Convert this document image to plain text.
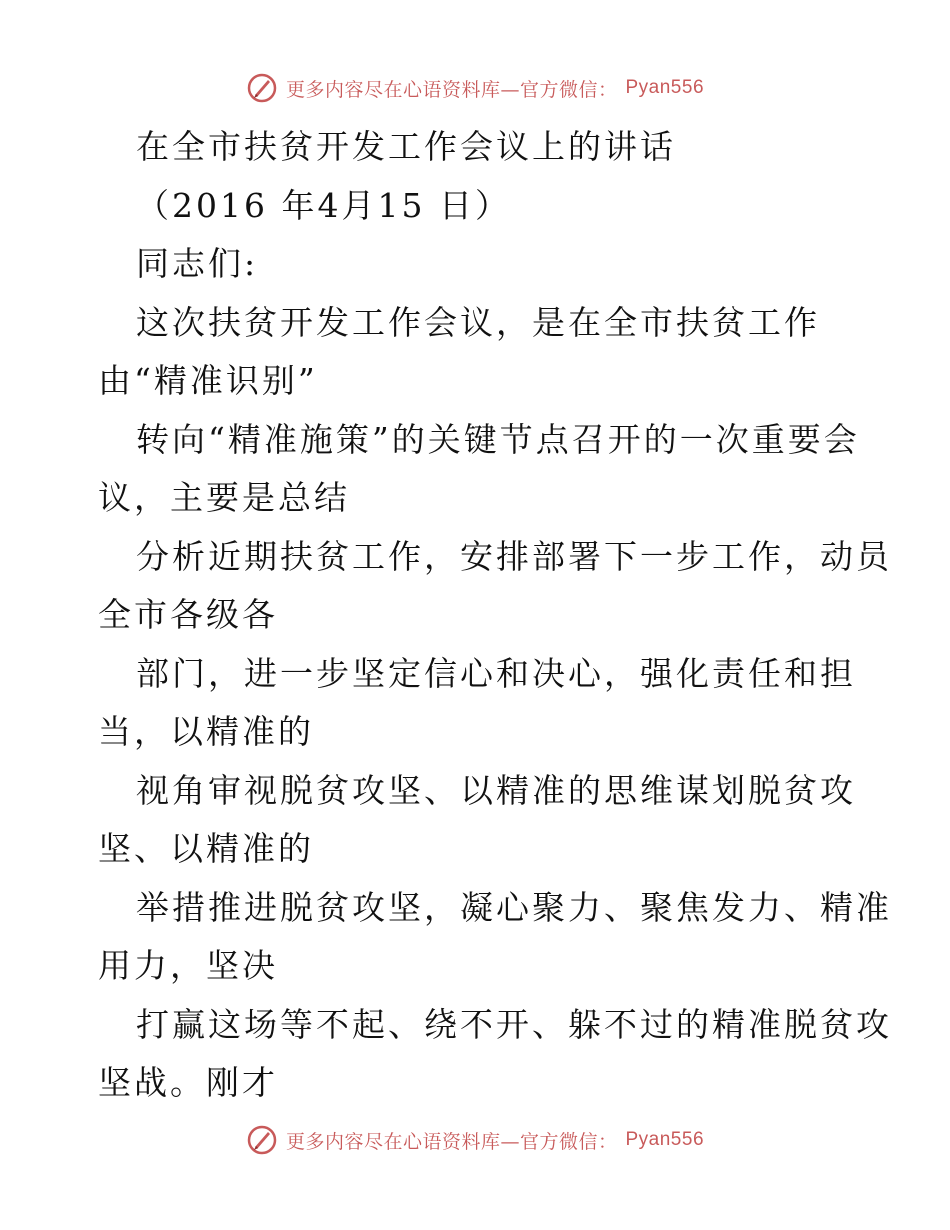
更多内容尽在心语资料库—官方微信： Pyan556
在全市扶贫开发工作会议上的讲话
（2016 年4月15 日）
同志们:
这次扶贫开发工作会议，是在全市扶贫工作
由“精准识别”
转向“精准施策”的关键节点召开的一次重要会
议，主要是总结
分析近期扶贫工作，安排部署下一步工作，动员
全市各级各
部门，进一步坚定信心和决心，强化责任和担
当，以精准的
视角审视脱贫攻坚、以精准的思维谋划脱贫攻
坚、以精准的
举措推进脱贫攻坚，凝心聚力、聚焦发力、精准
用力，坚决
打赢这场等不起、绕不开、躲不过的精准脱贫攻
坚战。刚才
更多内容尽在心语资料库—官方微信： Pyan556
